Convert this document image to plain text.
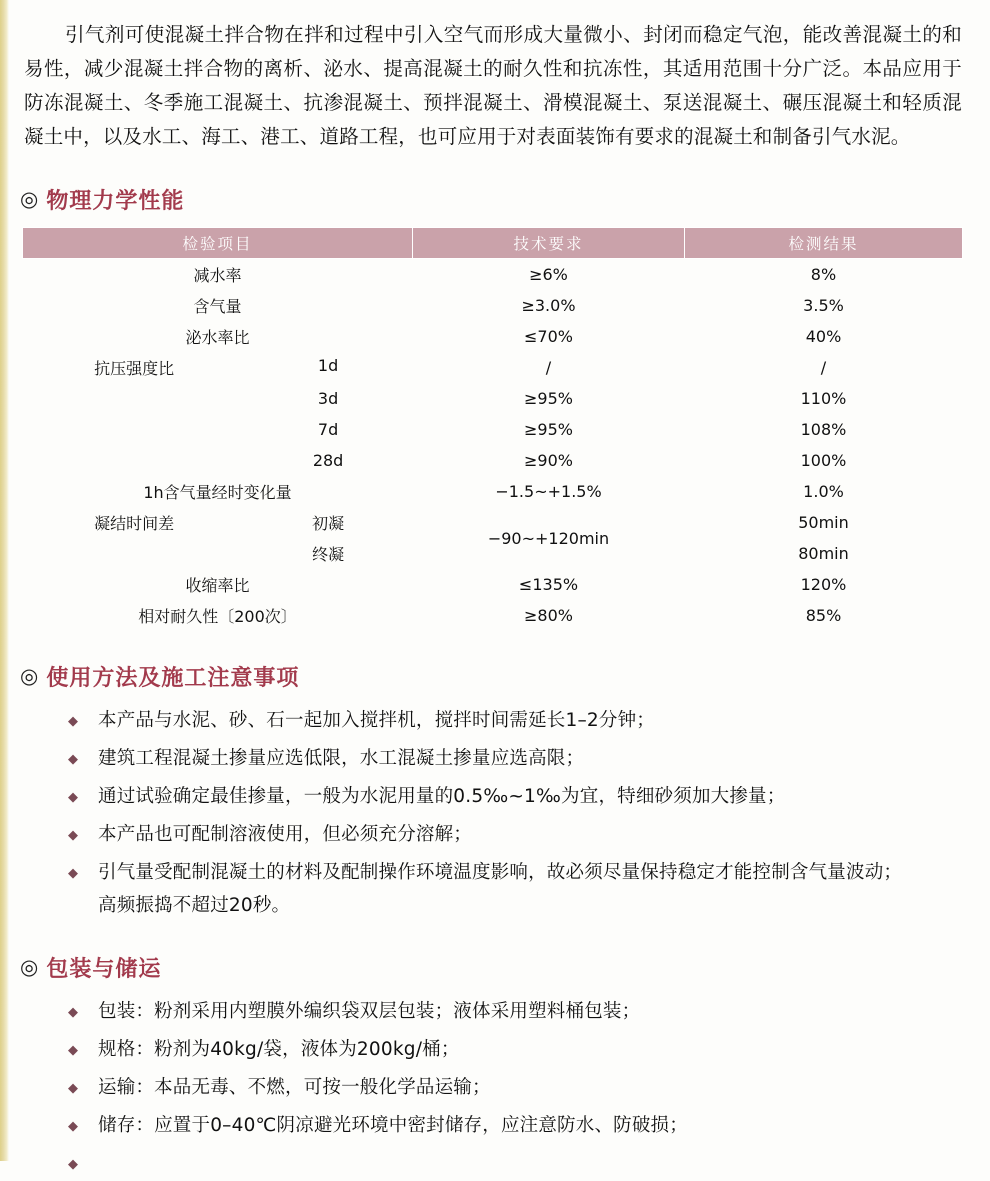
引气剂可使混凝土拌合物在拌和过程中引入空气而形成大量微小、封闭而稳定气泡，能改善混凝土的和易性，减少混凝土拌合物的离析、泌水、提高混凝土的耐久性和抗冻性，其适用范围十分广泛。本品应用于防冻混凝土、冬季施工混凝土、抗渗混凝土、预拌混凝土、滑模混凝土、泵送混凝土、碾压混凝土和轻质混凝土中，以及水工、海工、港工、道路工程，也可应用于对表面装饰有要求的混凝土和制备引气水泥。

◎ 物理力学性能
检验项目	技术要求	检测结果
减水率	≥6%	8%
含气量	≥3.0%	3.5%
泌水率比	≤70%	40%

抗压强度比 1d	/	/

3d	≥95%	110%

7d	≥95%	108%

28d	≥90%	100%
1h含气量经时变化量	−1.5~+1.5%	1.0%

凝结时间差 初凝	−90~+120min	50min

终凝		80min
收缩率比	≤135%	120%
相对耐久性〔200次〕	≥80%	85%
◎ 使用方法及施工注意事项
◆ 本产品与水泥、砂、石一起加入搅拌机，搅拌时间需延长1–2分钟；
◆ 建筑工程混凝土掺量应选低限，水工混凝土掺量应选高限；
◆ 通过试验确定最佳掺量，一般为水泥用量的0.5‰~1‰为宜，特细砂须加大掺量；
◆ 本产品也可配制溶液使用，但必须充分溶解；
◆ 引气量受配制混凝土的材料及配制操作环境温度影响，故必须尽量保持稳定才能控制含气量波动；
高频振捣不超过20秒。
◎ 包装与储运
◆ 包装：粉剂采用内塑膜外编织袋双层包装；液体采用塑料桶包装；
◆ 规格：粉剂为40kg/袋，液体为200kg/桶；
◆ 运输：本品无毒、不燃，可按一般化学品运输；
◆ 储存：应置于0–40℃阴凉避光环境中密封储存，应注意防水、防破损；
◆
